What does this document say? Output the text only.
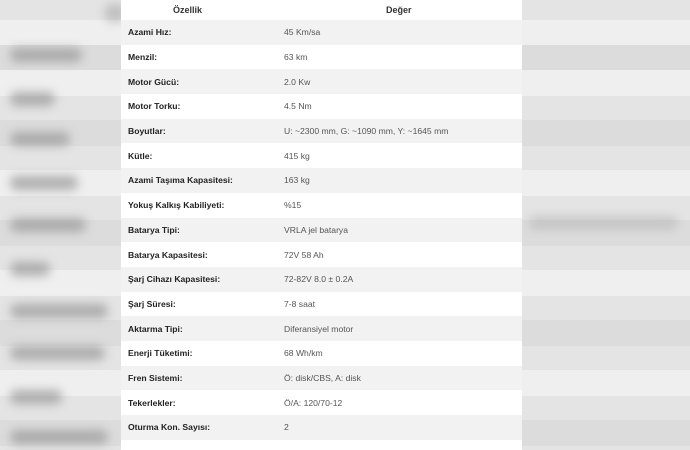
Özellik	Değer
Azami Hız:	45 Km/sa
Menzil:	63 km
Motor Gücü:	2.0 Kw
Motor Torku:	4.5 Nm
Boyutlar:	U: ~2300 mm, G: ~1090 mm, Y: ~1645 mm
Kütle:	415 kg
Azami Taşıma Kapasitesi:	163 kg
Yokuş Kalkış Kabiliyeti:	%15
Batarya Tipi:	VRLA jel batarya
Batarya Kapasitesi:	72V 58 Ah
Şarj Cihazı Kapasitesi:	72-82V 8.0 ± 0.2A
Şarj Süresi:	7-8 saat
Aktarma Tipi:	Diferansiyel motor
Enerji Tüketimi:	68 Wh/km
Fren Sistemi:	Ö: disk/CBS, A: disk
Tekerlekler:	Ö/A: 120/70-12
Oturma Kon. Sayısı:	2
